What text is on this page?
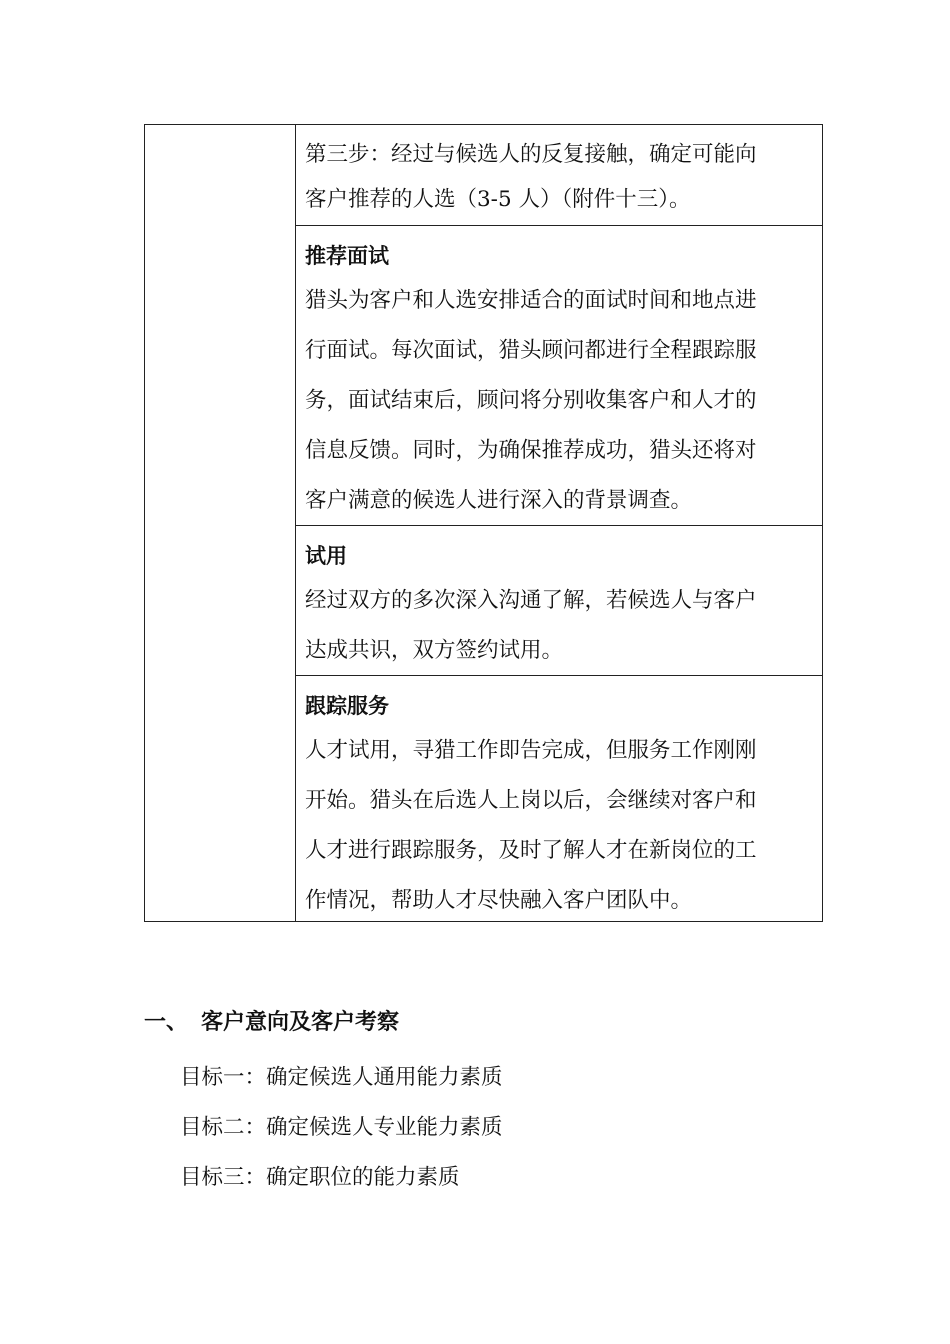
第三步：经过与候选人的反复接触，确定可能向
客户推荐的人选（3-5 人）（附件十三）。
推荐面试
猎头为客户和人选安排适合的面试时间和地点进
行面试。每次面试，猎头顾问都进行全程跟踪服
务，面试结束后，顾问将分别收集客户和人才的
信息反馈。同时，为确保推荐成功，猎头还将对
客户满意的候选人进行深入的背景调查。
试用
经过双方的多次深入沟通了解，若候选人与客户
达成共识，双方签约试用。
跟踪服务
人才试用，寻猎工作即告完成，但服务工作刚刚
开始。猎头在后选人上岗以后，会继续对客户和
人才进行跟踪服务，及时了解人才在新岗位的工
作情况，帮助人才尽快融入客户团队中。
一、 客户意向及客户考察
目标一：确定候选人通用能力素质
目标二：确定候选人专业能力素质
目标三：确定职位的能力素质
